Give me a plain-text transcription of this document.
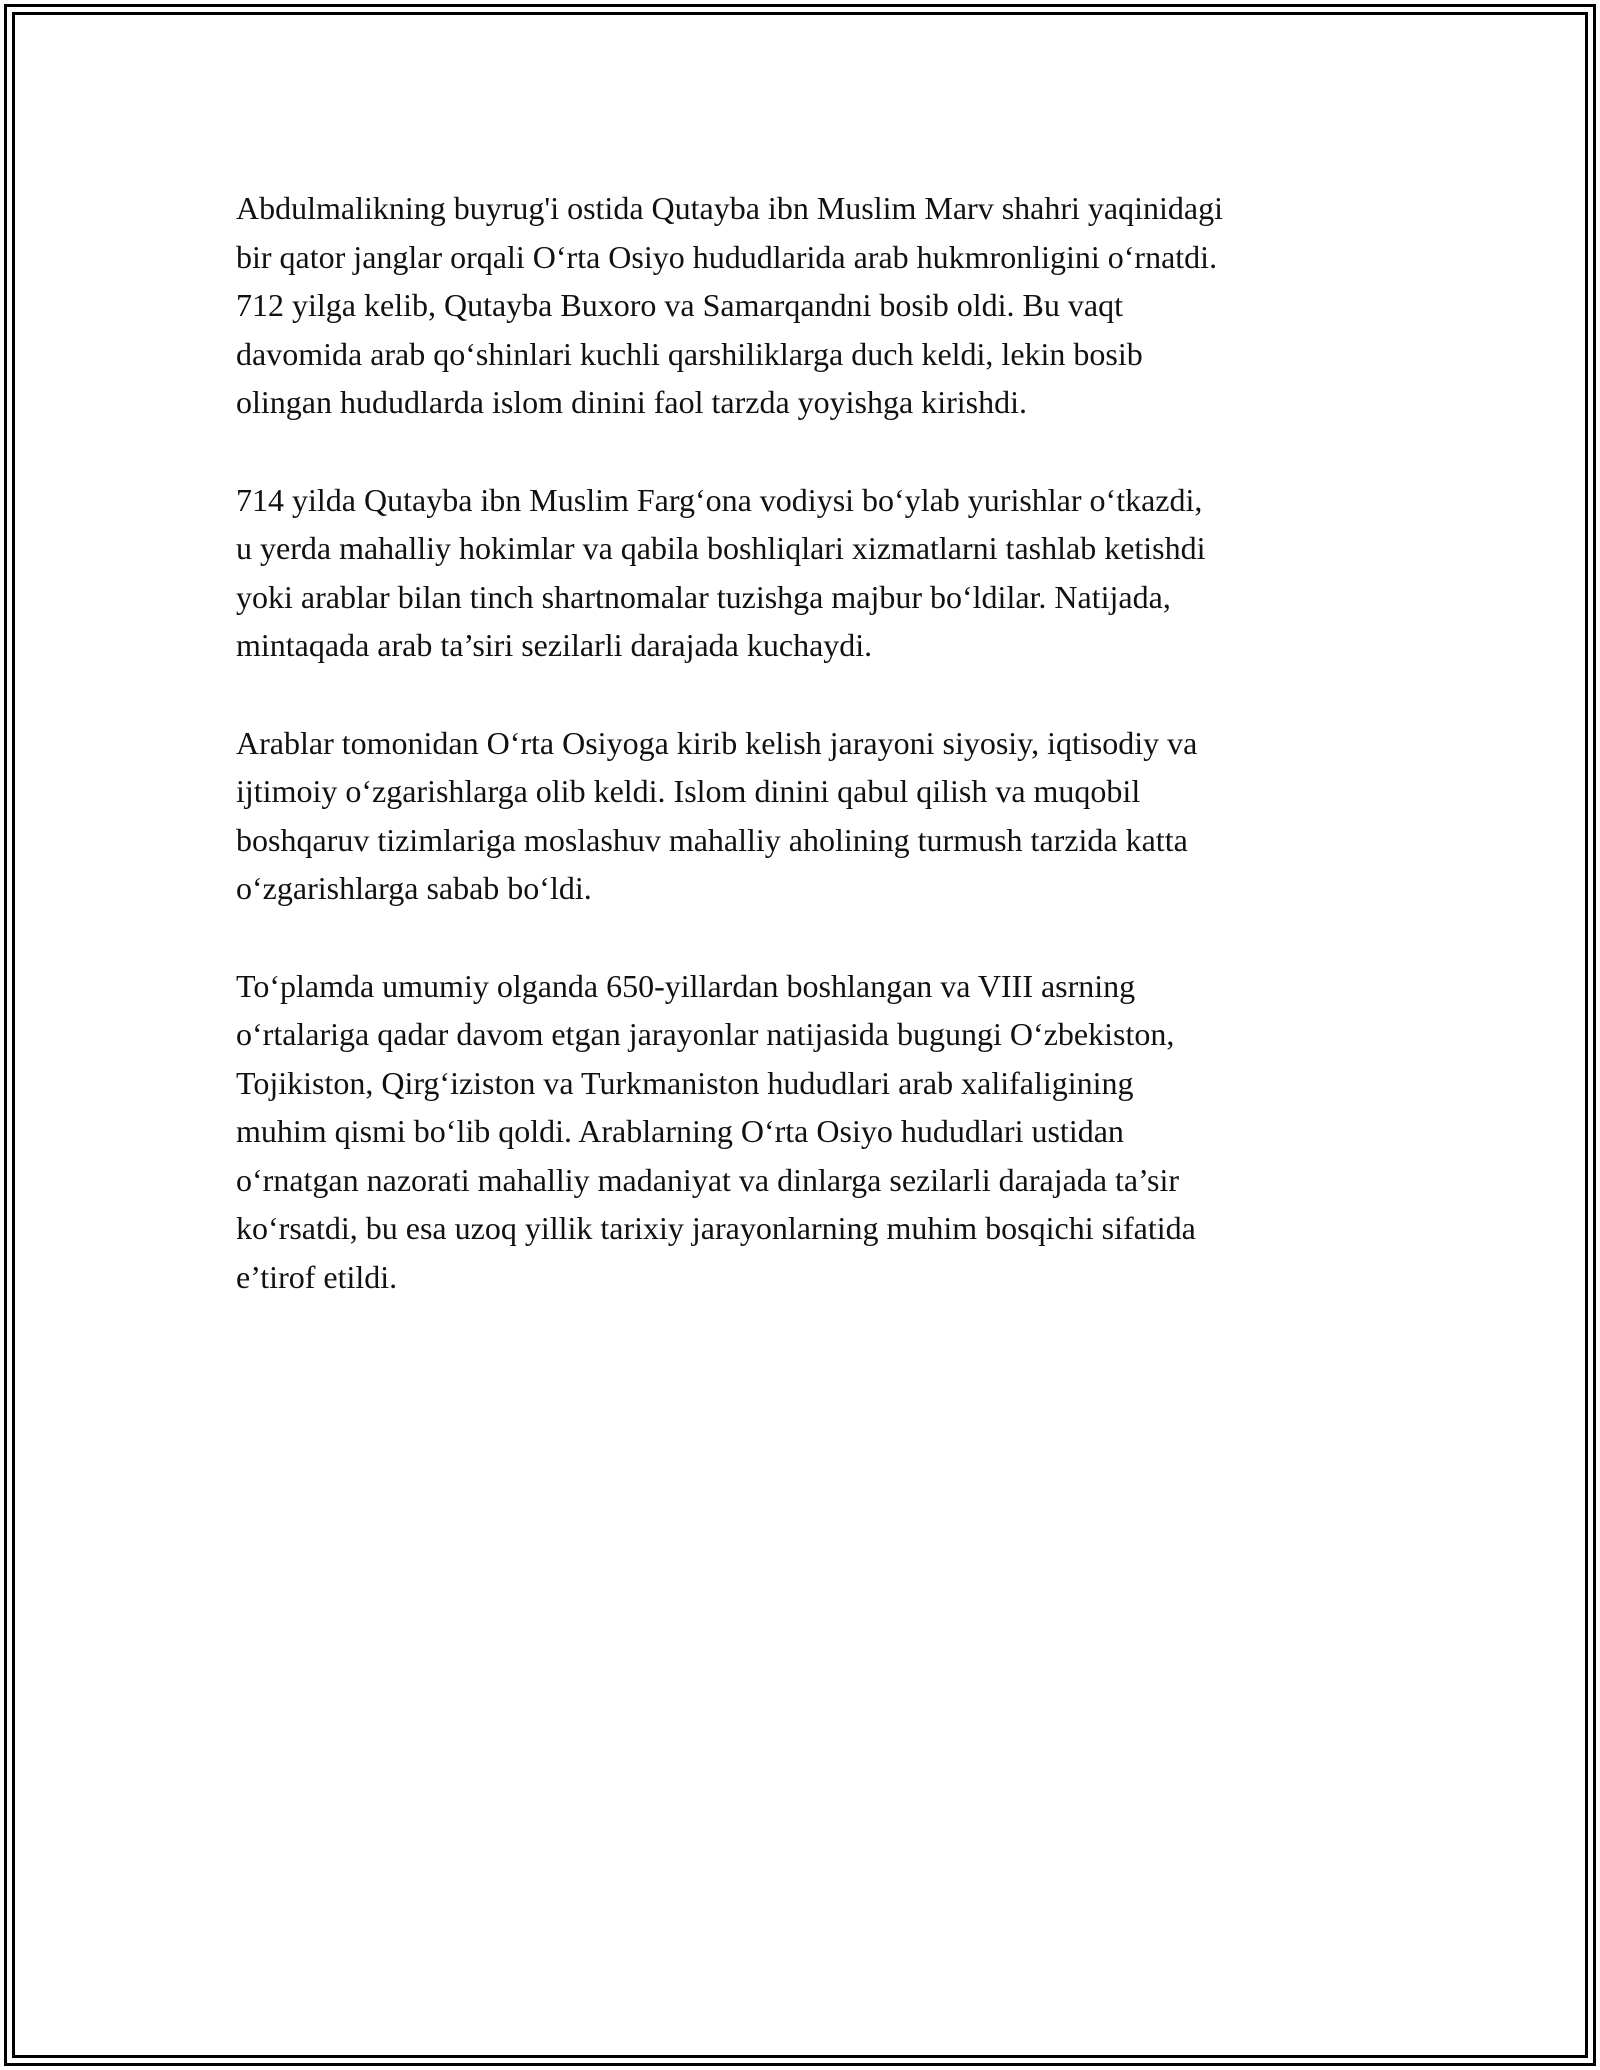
Abdulmalikning buyrug'i ostida Qutayba ibn Muslim Marv shahri yaqinidagi
bir qator janglar orqali O‘rta Osiyo hududlarida arab hukmronligini o‘rnatdi.
712 yilga kelib, Qutayba Buxoro va Samarqandni bosib oldi. Bu vaqt
davomida arab qo‘shinlari kuchli qarshiliklarga duch keldi, lekin bosib
olingan hududlarda islom dinini faol tarzda yoyishga kirishdi.

714 yilda Qutayba ibn Muslim Farg‘ona vodiysi bo‘ylab yurishlar o‘tkazdi,
u yerda mahalliy hokimlar va qabila boshliqlari xizmatlarni tashlab ketishdi
yoki arablar bilan tinch shartnomalar tuzishga majbur bo‘ldilar. Natijada,
mintaqada arab ta’siri sezilarli darajada kuchaydi.

Arablar tomonidan O‘rta Osiyoga kirib kelish jarayoni siyosiy, iqtisodiy va
ijtimoiy o‘zgarishlarga olib keldi. Islom dinini qabul qilish va muqobil
boshqaruv tizimlariga moslashuv mahalliy aholining turmush tarzida katta
o‘zgarishlarga sabab bo‘ldi.

To‘plamda umumiy olganda 650-yillardan boshlangan va VIII asrning
o‘rtalariga qadar davom etgan jarayonlar natijasida bugungi O‘zbekiston,
Tojikiston, Qirg‘iziston va Turkmaniston hududlari arab xalifaligining
muhim qismi bo‘lib qoldi. Arablarning O‘rta Osiyo hududlari ustidan
o‘rnatgan nazorati mahalliy madaniyat va dinlarga sezilarli darajada ta’sir
ko‘rsatdi, bu esa uzoq yillik tarixiy jarayonlarning muhim bosqichi sifatida
e’tirof etildi.
